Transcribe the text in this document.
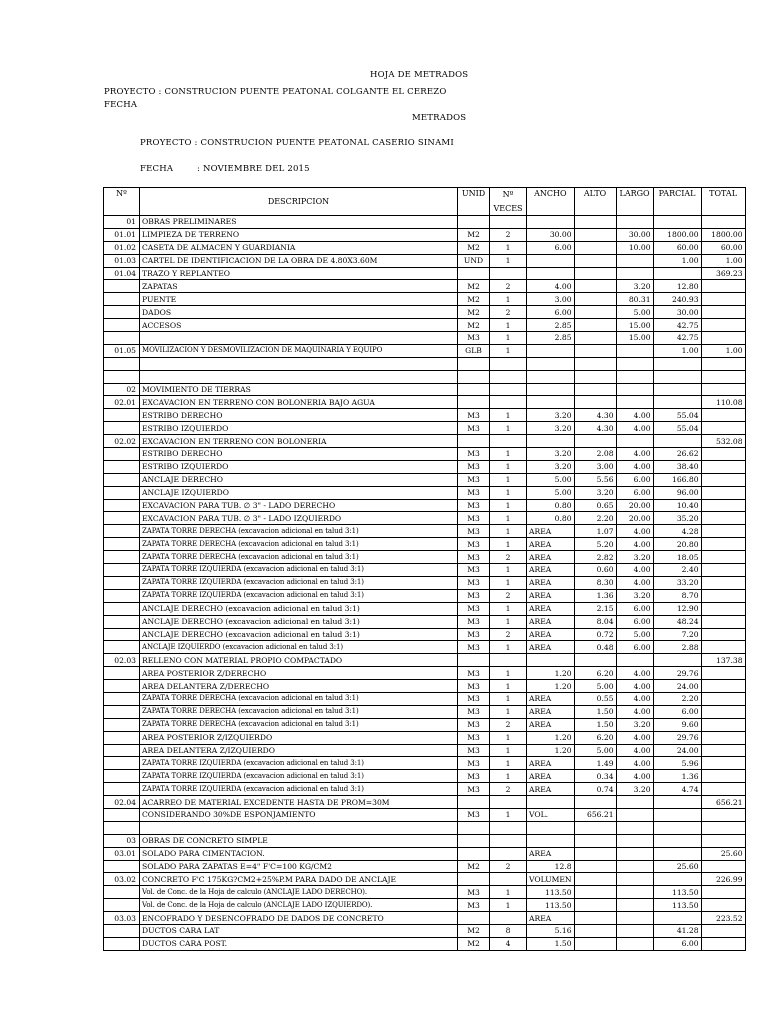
HOJA DE METRADOS
PROYECTO : CONSTRUCION PUENTE PEATONAL COLGANTE EL CEREZO
FECHA
METRADOS
PROYECTO : CONSTRUCION PUENTE PEATONAL CASERIO SINAMI
FECHA	: NOVIEMBRE DEL 2015
Nº	DESCRIPCION	UNID	Nº	ANCHO	ALTO	LARGO	PARCIAL	TOTAL
			VECES					
01	OBRAS PRELIMINARES							
01.01	LIMPIEZA DE TERRENO	M2	2	30.00		30.00	1800.00	1800.00
01.02	CASETA DE ALMACEN Y GUARDIANIA	M2	1	6.00		10.00	60.00	60.00
01.03	CARTEL DE IDENTIFICACION DE LA OBRA DE 4.80X3.60M	UND	1				1.00	1.00
01.04	TRAZO Y REPLANTEO							369.23
	ZAPATAS	M2	2	4.00		3.20	12.80	
	PUENTE	M2	1	3.00		80.31	240.93	
	DADOS	M2	2	6.00		5.00	30.00	
	ACCESOS	M2	1	2.85		15.00	42.75	
		M3	1	2.85		15.00	42.75	
01.05	MOVILIZACION Y DESMOVILIZACION DE MAQUINARIA Y EQUIPO	GLB	1				1.00	1.00

02	MOVIMIENTO DE TIERRAS							
02.01	EXCAVACION EN TERRENO CON BOLONERIA BAJO AGUA							110.08
	ESTRIBO DERECHO	M3	1	3.20	4.30	4.00	55.04	
	ESTRIBO IZQUIERDO	M3	1	3.20	4.30	4.00	55.04	
02.02	EXCAVACION EN TERRENO CON BOLONERIA							532.08
	ESTRIBO DERECHO	M3	1	3.20	2.08	4.00	26.62	
	ESTRIBO IZQUIERDO	M3	1	3.20	3.00	4.00	38.40	
	ANCLAJE DERECHO	M3	1	5.00	5.56	6.00	166.80	
	ANCLAJE IZQUIERDO	M3	1	5.00	3.20	6.00	96.00	
	EXCAVACION PARA TUB. ∅ 3" - LADO DERECHO	M3	1	0.80	0.65	20.00	10.40	
	EXCAVACION PARA TUB. ∅ 3" - LADO IZQUIERDO	M3	1	0.80	2.20	20.00	35.20	
	ZAPATA TORRE DERECHA (excavacion adicional en talud 3:1)	M3	1	AREA	1.07	4.00	4.28	
	ZAPATA TORRE DERECHA (excavacion adicional en talud 3:1)	M3	1	AREA	5.20	4.00	20.80	
	ZAPATA TORRE DERECHA (excavacion adicional en talud 3:1)	M3	2	AREA	2.82	3.20	18.05	
	ZAPATA TORRE IZQUIERDA (excavacion adicional en talud 3:1)	M3	1	AREA	0.60	4.00	2.40	
	ZAPATA TORRE IZQUIERDA (excavacion adicional en talud 3:1)	M3	1	AREA	8.30	4.00	33.20	
	ZAPATA TORRE IZQUIERDA (excavacion adicional en talud 3:1)	M3	2	AREA	1.36	3.20	8.70	
	ANCLAJE DERECHO (excavacion adicional en talud 3:1)	M3	1	AREA	2.15	6.00	12.90	
	ANCLAJE DERECHO (excavacion adicional en talud 3:1)	M3	1	AREA	8.04	6.00	48.24	
	ANCLAJE DERECHO (excavacion adicional en talud 3:1)	M3	2	AREA	0.72	5.00	7.20	
	ANCLAJE IZQUIERDO (excavacion adicional en talud 3:1)	M3	1	AREA	0.48	6.00	2.88	
02.03	RELLENO CON MATERIAL PROPIO COMPACTADO							137.38
	AREA POSTERIOR Z/DERECHO	M3	1	1.20	6.20	4.00	29.76	
	AREA DELANTERA Z/DERECHO	M3	1	1.20	5.00	4.00	24.00	
	ZAPATA TORRE DERECHA (excavacion adicional en talud 3:1)	M3	1	AREA	0.55	4.00	2.20	
	ZAPATA TORRE DERECHA (excavacion adicional en talud 3:1)	M3	1	AREA	1.50	4.00	6.00	
	ZAPATA TORRE DERECHA (excavacion adicional en talud 3:1)	M3	2	AREA	1.50	3.20	9.60	
	AREA POSTERIOR Z/IZQUIERDO	M3	1	1.20	6.20	4.00	29.76	
	AREA DELANTERA Z/IZQUIERDO	M3	1	1.20	5.00	4.00	24.00	
	ZAPATA TORRE IZQUIERDA (excavacion adicional en talud 3:1)	M3	1	AREA	1.49	4.00	5.96	
	ZAPATA TORRE IZQUIERDA (excavacion adicional en talud 3:1)	M3	1	AREA	0.34	4.00	1.36	
	ZAPATA TORRE IZQUIERDA (excavacion adicional en talud 3:1)	M3	2	AREA	0.74	3.20	4.74	
02.04	ACARREO DE MATERIAL EXCEDENTE HASTA DE PROM=30M							656.21
	CONSIDERANDO 30%DE ESPONJAMIENTO	M3	1	VOL.	656.21			

03	OBRAS DE CONCRETO SIMPLE							
03.01	SOLADO PARA CIMENTACION.			AREA				25.60
	SOLADO PARA ZAPATAS E=4" F'C=100 KG/CM2	M2	2	12.8			25.60	
03.02	CONCRETO F'C 175KG?CM2+25%P.M PARA DADO DE ANCLAJE			VOLUMEN				226.99
	Vol. de Conc. de la Hoja de calculo (ANCLAJE LADO DERECHO).	M3	1	113.50			113.50	
	Vol. de Conc. de la Hoja de calculo (ANCLAJE LADO IZQUIERDO).	M3	1	113.50			113.50	
03.03	ENCOFRADO Y DESENCOFRADO DE DADOS DE CONCRETO			AREA				223.52
	DUCTOS CARA LAT	M2	8	5.16			41.28	
	DUCTOS CARA POST.	M2	4	1.50			6.00	
